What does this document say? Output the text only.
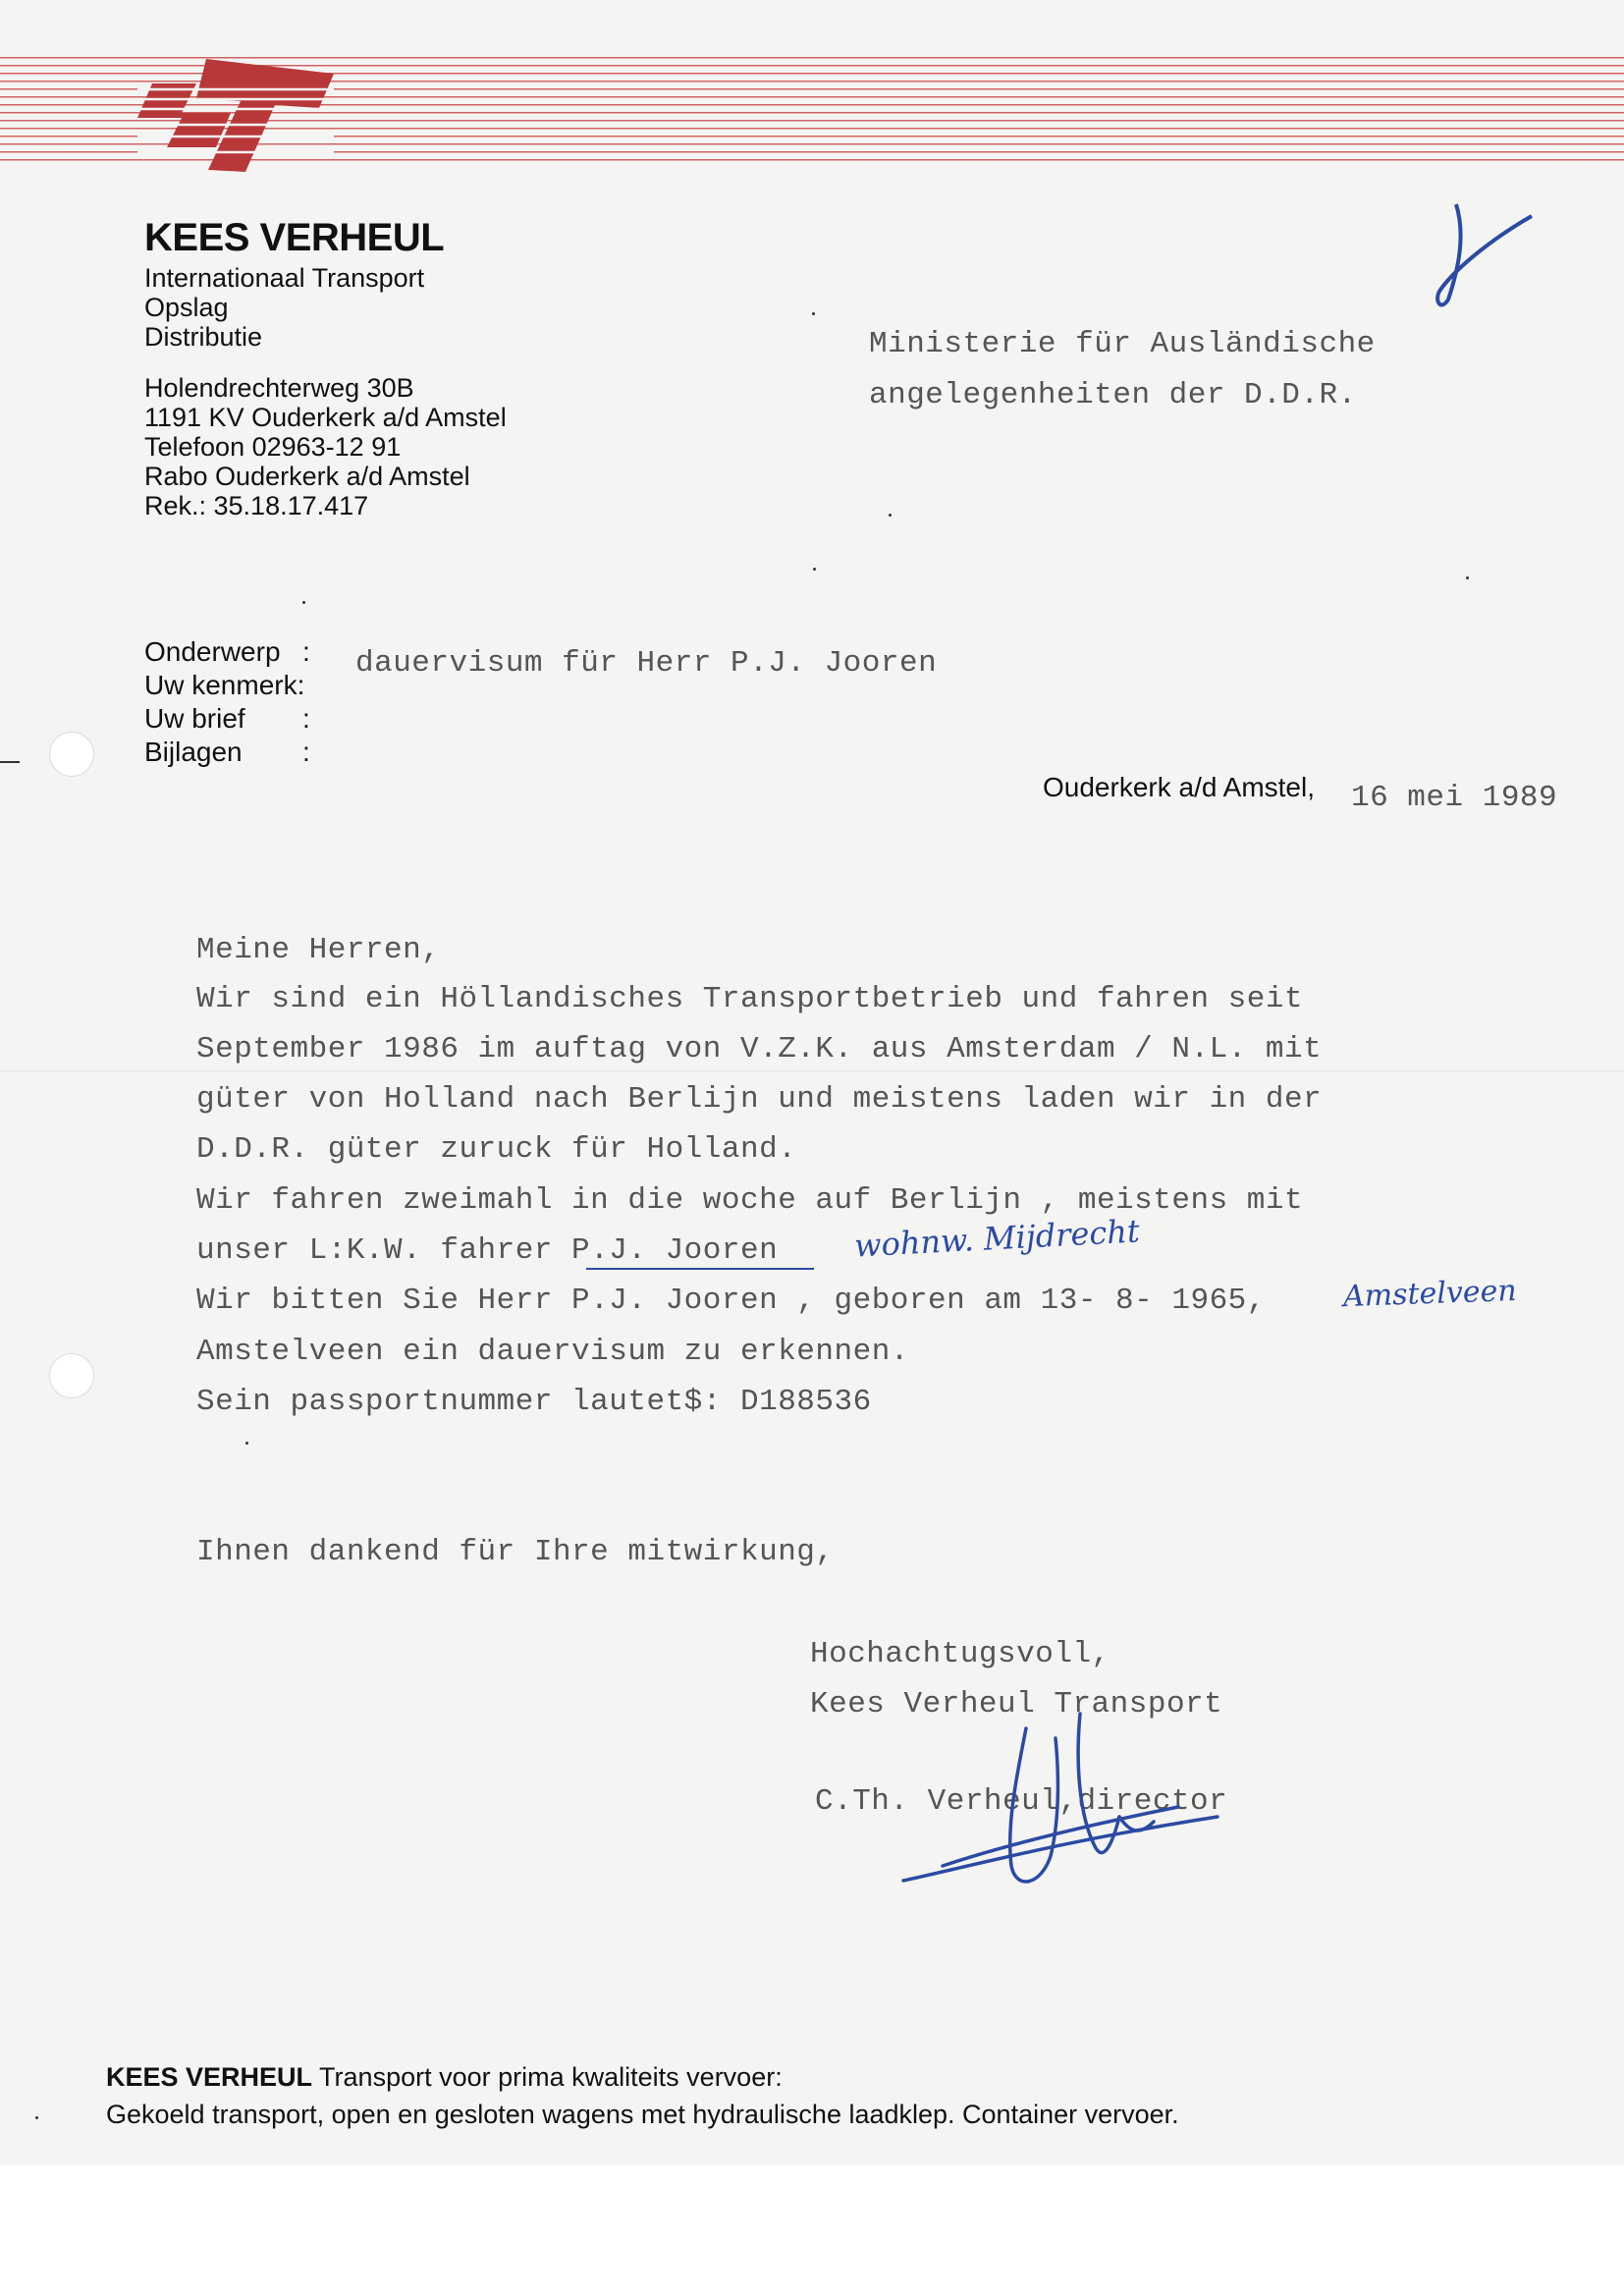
8
KEES VERHEUL
Internationaal Transport
Opslag
Distributie
Holendrechterweg 30B
1191 KV Ouderkerk a/d Amstel
Telefoon 02963-12 91
Rabo Ouderkerk a/d Amstel
Rek.: 35.18.17.417
Ministerie für Ausländische
angelegenheiten der D.D.R.
Onderwerp :
Uw kenmerk:
Uw brief :
Bijlagen :
dauervisum für Herr P.J. Jooren
Ouderkerk a/d Amstel, 16 mei 1989
Meine Herren,
Wir sind ein Höllandisches Transportbetrieb und fahren seit
September 1986 im auftag von V.Z.K. aus Amsterdam / N.L. mit
güter von Holland nach Berlijn und meistens laden wir in der
D.D.R. güter zuruck für Holland.
Wir fahren zweimahl in die woche auf Berlijn , meistens mit
unser L:K.W. fahrer P.J. Jooren wohnw. Mijdrecht
Wir bitten Sie Herr P.J. Jooren , geboren am 13- 8- 1965,	Amstelveen
Amstelveen ein dauervisum zu erkennen.
Sein passportnummer lautet$: D188536
Ihnen dankend für Ihre mitwirkung,
Hochachtugsvoll,
Kees Verheul Transport
C.Th. Verheul,director
KEES VERHEUL Transport voor prima kwaliteits vervoer:
Gekoeld transport, open en gesloten wagens met hydraulische laadklep. Container vervoer.
